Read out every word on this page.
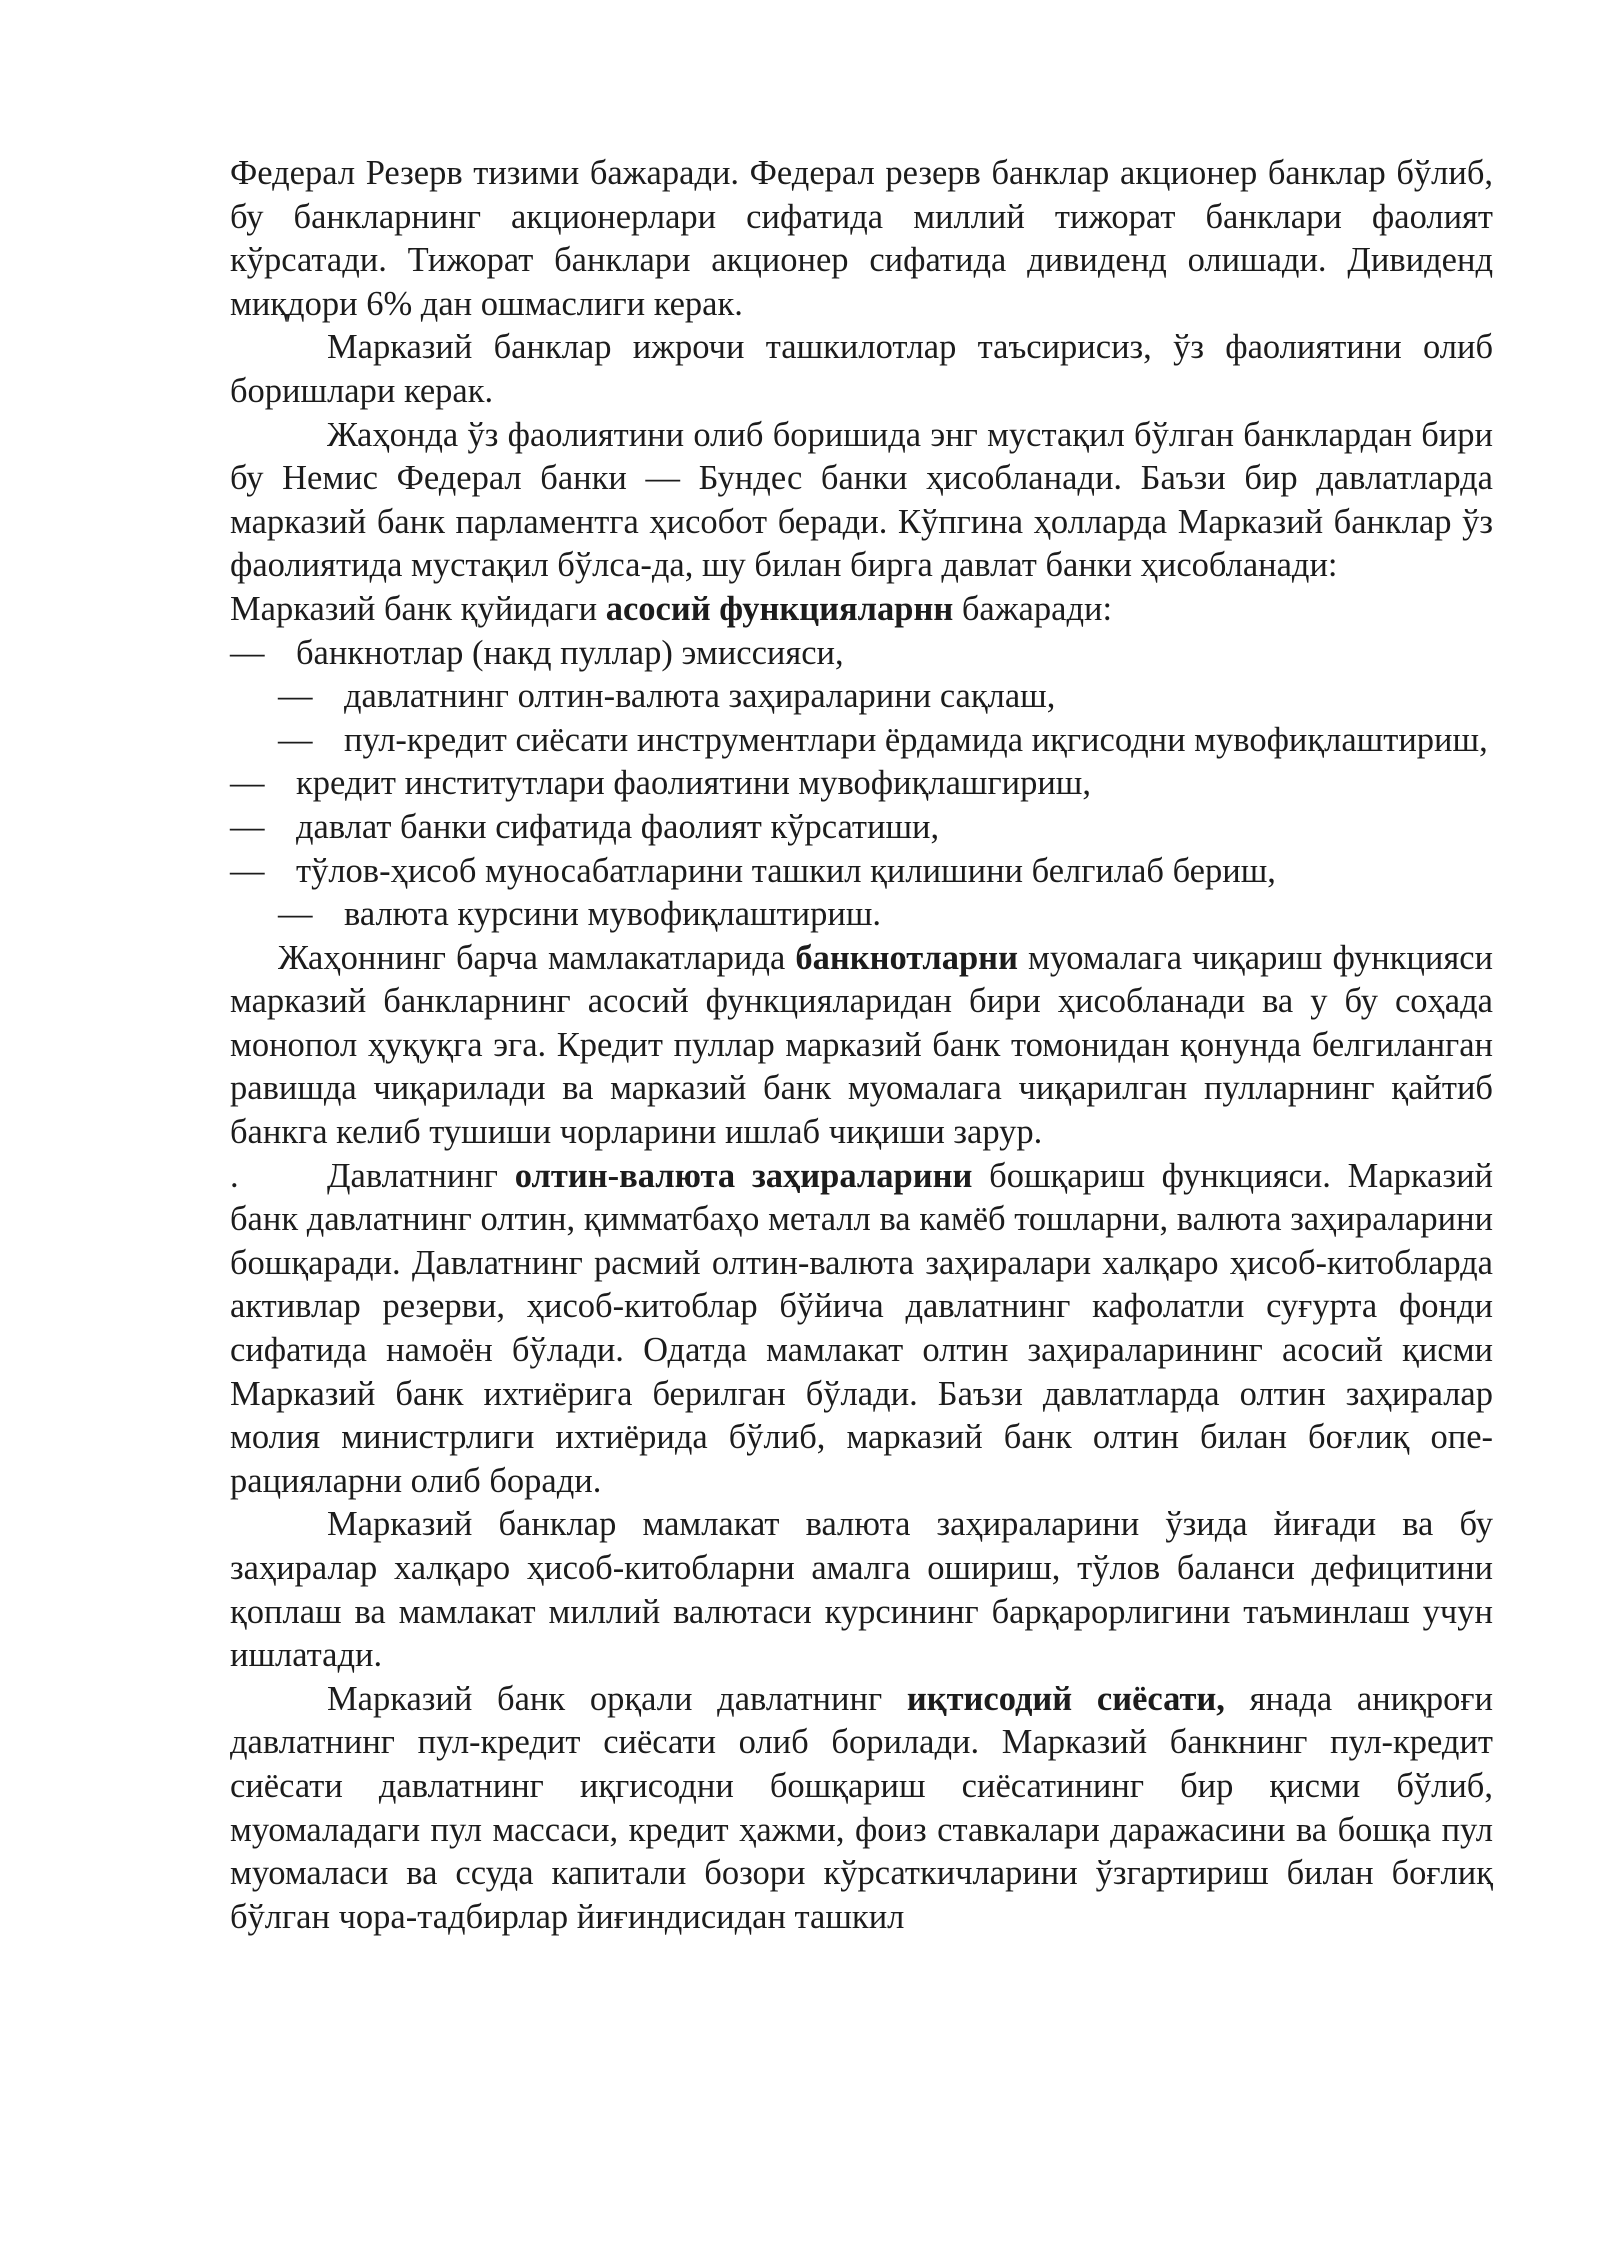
Федерал Резерв тизими бажаради. Федерал резерв банклар акционер банклар бўлиб, бу банкларнинг акционерлари сифатида миллий тижорат банклари фаолият кўрсатади. Тижорат банклари акционер сифатида дивиденд олишади. Дивиденд миқдори 6% дан ошмаслиги керак.

Марказий банклар ижрочи ташкилотлар таъсирисиз, ўз фаолиятини олиб боришлари керак.

Жаҳонда ўз фаолиятини олиб боришида энг мустақил бўлган банклардан бири бу Немис Федерал банки — Бундес банки ҳисобланади. Баъзи бир давлатларда марказий банк парламентга ҳисобот беради. Кўпгина ҳолларда Марказий банклар ўз фаолиятида мустақил бўлса-да, шу билан бирга давлат банки ҳисобланади:

Марказий банк қуйидаги асосий функцияларнн бажаради:

— банкнотлар (накд пуллар) эмиссияси,
— давлатнинг олтин-валюта заҳираларини сақлаш,
— пул-кредит сиёсати инструментлари ёрдамида иқгисодни мувофиқлаштириш,
— кредит институтлари фаолиятини мувофиқлашгириш,
— давлат банки сифатида фаолият кўрсатиши,
— тўлов-ҳисоб муносабатларини ташкил қилишини белгилаб бериш,
— валюта курсини мувофиқлаштириш.

Жаҳоннинг барча мамлакатларида банкнотларни муомалага чиқариш функцияси марказий банкларнинг асосий функцияларидан бири ҳисобланади ва у бу соҳада монопол ҳуқуқга эга. Кредит пуллар марказий банк томонидан қонунда белгиланган равишда чиқарилади ва марказий банк муомалага чиқарилган пулларнинг қайтиб банкга келиб тушиши чорларини ишлаб чиқиши зарур.

.	Давлатнинг олтин-валюта заҳираларини бошқариш функцияси. Марказий банк давлатнинг олтин, қимматбаҳо металл ва камёб тошларни, валюта заҳираларини бошқаради. Давлатнинг расмий олтин-валюта заҳиралари халқаро ҳисоб-китобларда активлар резерви, ҳисоб-китоблар бўйича давлатнинг кафолатли суғурта фонди сифатида намоён бўлади. Одатда мамлакат олтин заҳираларининг асосий қисми Марказий банк ихтиёрига берилган бўлади. Баъзи давлатларда олтин заҳиралар молия министрлиги ихтиёрида бўлиб, марказий банк олтин билан боғлиқ опе-рацияларни олиб боради.

Марказий банклар мамлакат валюта заҳираларини ўзида йиғади ва бу заҳиралар халқаро ҳисоб-китобларни амалга ошириш, тўлов баланси дефицитини қоплаш ва мамлакат миллий валютаси курсининг барқарорлигини таъминлаш учун ишлатади.

Марказий банк орқали давлатнинг иқтисодий сиёсати, янада аниқроғи давлатнинг пул-кредит сиёсати олиб борилади. Марказий банкнинг пул-кредит сиёсати давлатнинг иқгисодни бошқариш сиёсатининг бир қисми бўлиб, муомаладаги пул массаси, кредит ҳажми, фоиз ставкалари даражасини ва бошқа пул муомаласи ва ссуда капитали бозори кўрсаткичларини ўзгартириш билан боғлиқ бўлган чора-тадбирлар йиғиндисидан ташкил
